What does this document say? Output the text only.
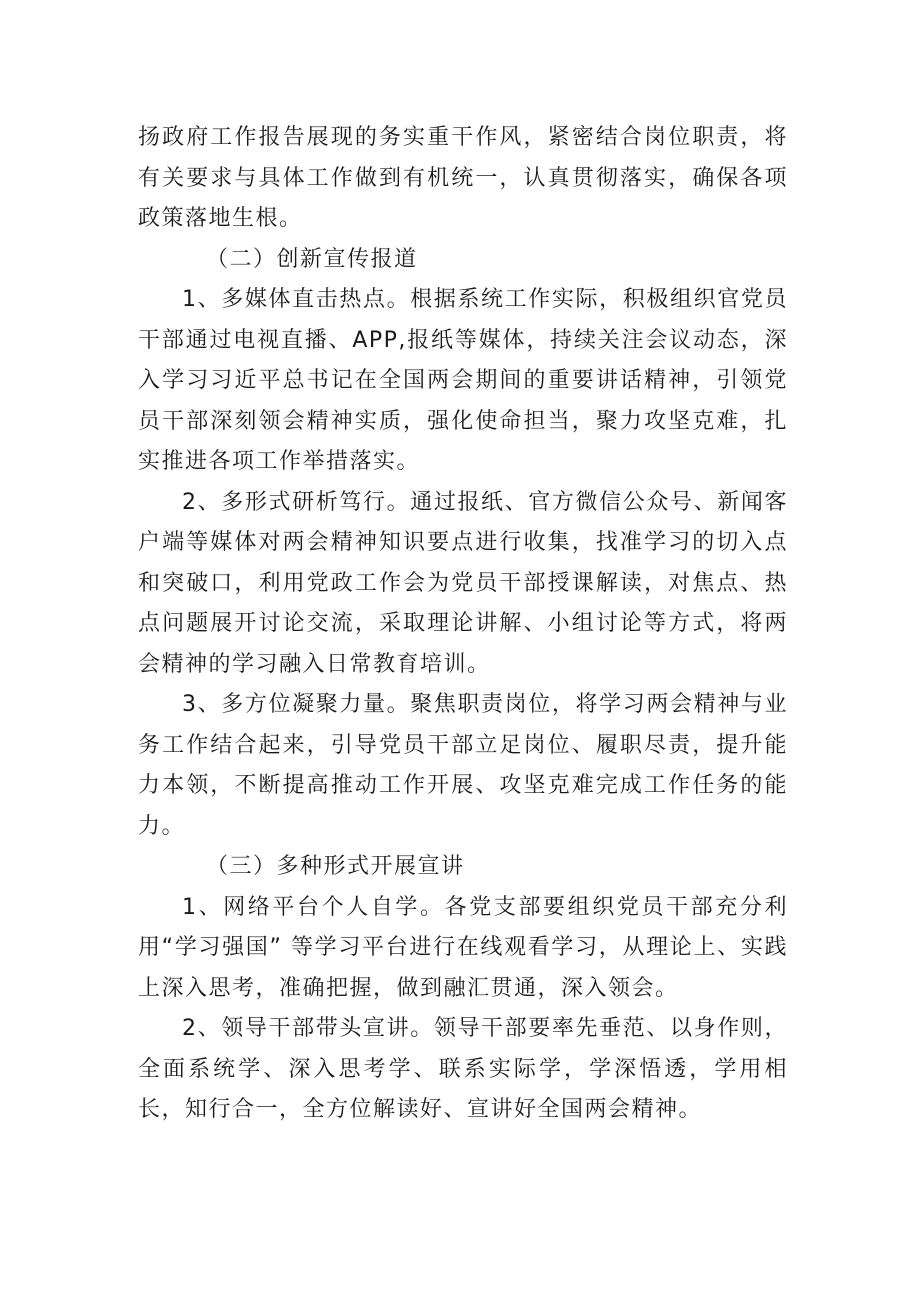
扬政府工作报告展现的务实重干作风，紧密结合岗位职责，将有关要求与具体工作做到有机统一，认真贯彻落实，确保各项政策落地生根。

（二）创新宣传报道

1、多媒体直击热点。根据系统工作实际，积极组织官党员干部通过电视直播、APP,报纸等媒体，持续关注会议动态，深入学习习近平总书记在全国两会期间的重要讲话精神，引领党员干部深刻领会精神实质，强化使命担当，聚力攻坚克难，扎实推进各项工作举措落实。

2、多形式研析笃行。通过报纸、官方微信公众号、新闻客户端等媒体对两会精神知识要点进行收集，找准学习的切入点和突破口，利用党政工作会为党员干部授课解读，对焦点、热点问题展开讨论交流，采取理论讲解、小组讨论等方式，将两会精神的学习融入日常教育培训。

3、多方位凝聚力量。聚焦职责岗位，将学习两会精神与业务工作结合起来，引导党员干部立足岗位、履职尽责，提升能力本领，不断提高推动工作开展、攻坚克难完成工作任务的能力。

（三）多种形式开展宣讲

1、网络平台个人自学。各党支部要组织党员干部充分利用“学习强国” 等学习平台进行在线观看学习，从理论上、实践上深入思考，准确把握，做到融汇贯通，深入领会。

2、领导干部带头宣讲。领导干部要率先垂范、以身作则，全面系统学、深入思考学、联系实际学，学深悟透，学用相长，知行合一，全方位解读好、宣讲好全国两会精神。
